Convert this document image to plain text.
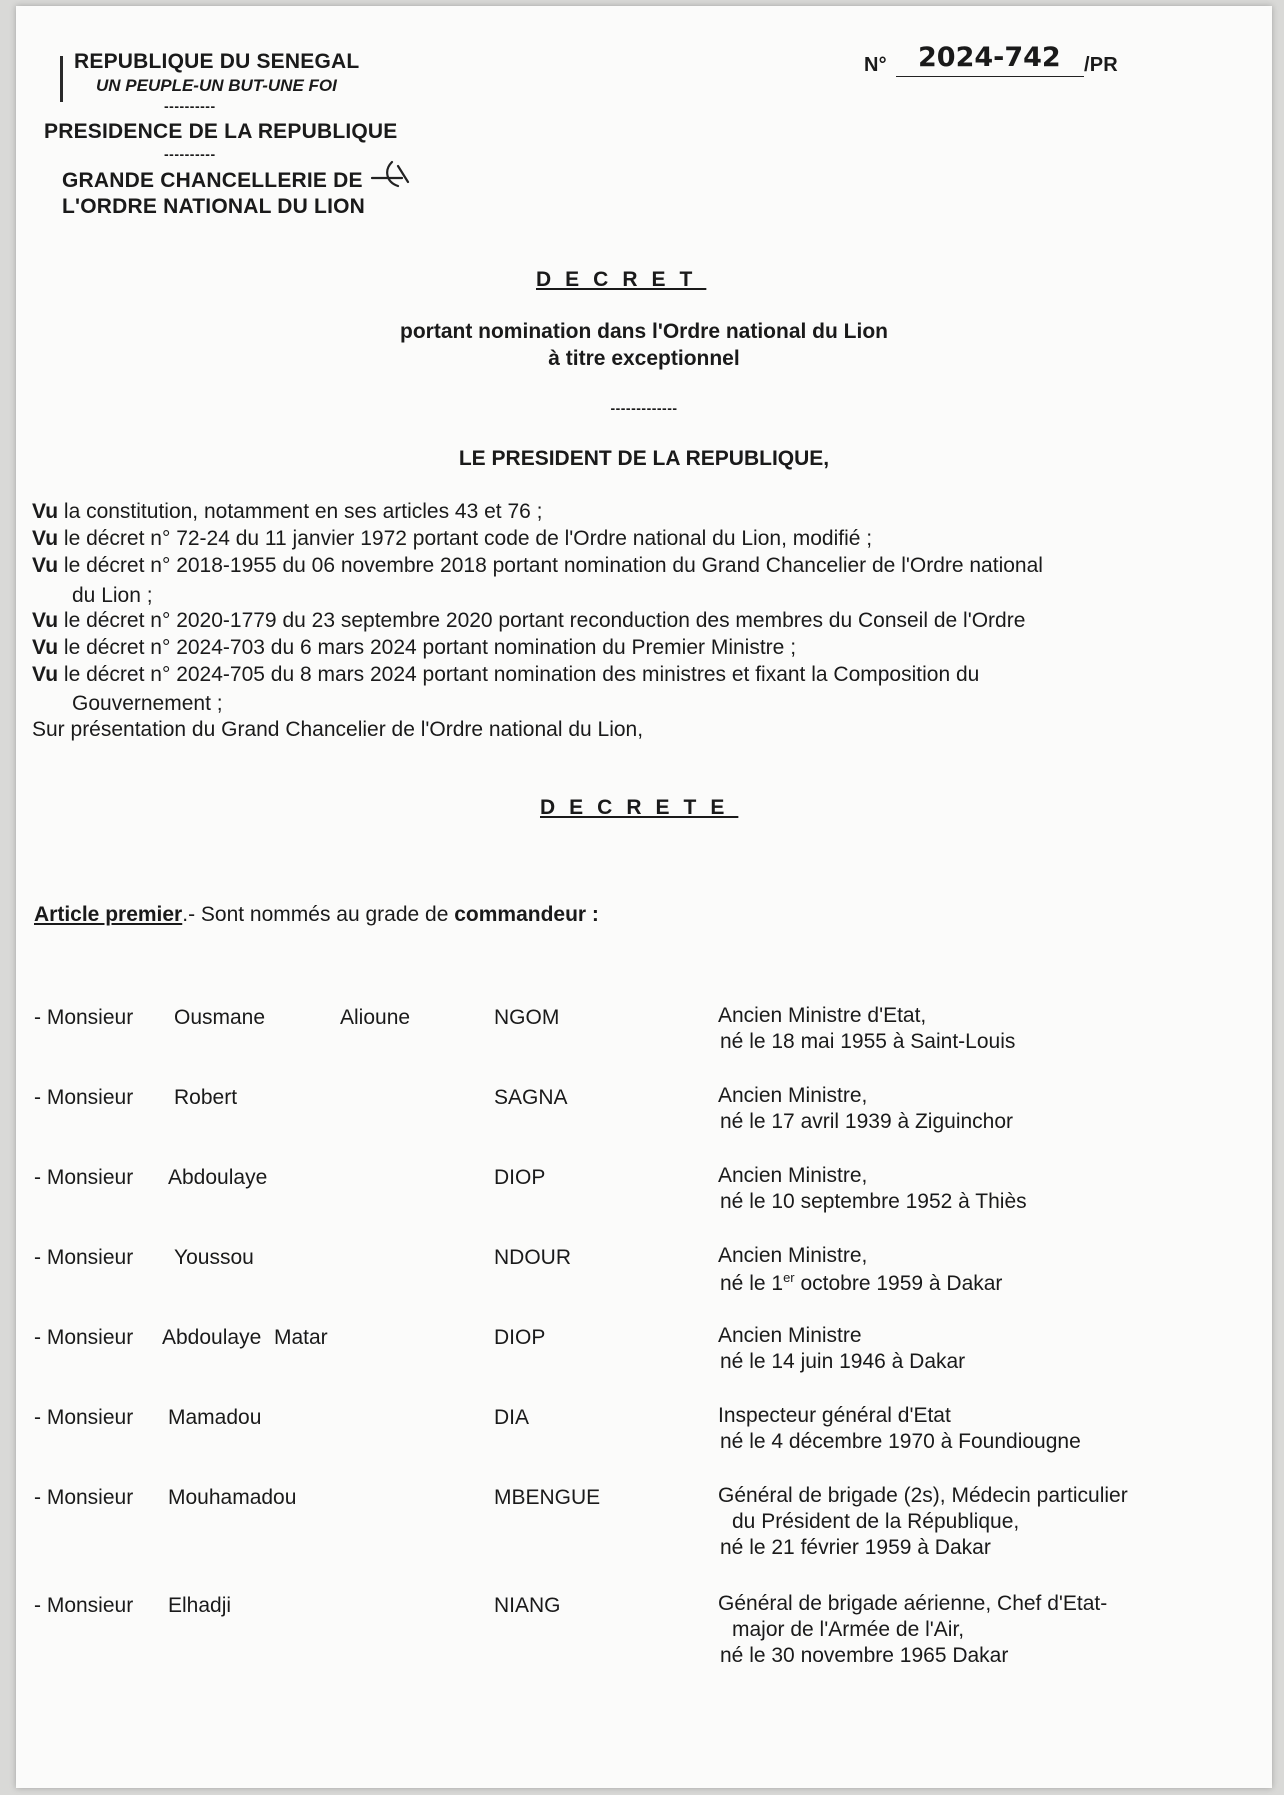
REPUBLIQUE DU SENEGAL
UN PEUPLE-UN BUT-UNE FOI
----------
PRESIDENCE DE LA REPUBLIQUE
----------
GRANDE CHANCELLERIE DE
L'ORDRE NATIONAL DU LION
N° 2024-742 /PR
DECRET
portant nomination dans l'Ordre national du Lion
à titre exceptionnel
-------------
LE PRESIDENT DE LA REPUBLIQUE,
Vu la constitution, notamment en ses articles 43 et 76 ;
Vu le décret n° 72-24 du 11 janvier 1972 portant code de l'Ordre national du Lion, modifié ;
Vu le décret n° 2018-1955 du 06 novembre 2018 portant nomination du Grand Chancelier de l'Ordre national
du Lion ;
Vu le décret n° 2020-1779 du 23 septembre 2020 portant reconduction des membres du Conseil de l'Ordre
Vu le décret n° 2024-703 du 6 mars 2024 portant nomination du Premier Ministre ;
Vu le décret n° 2024-705 du 8 mars 2024 portant nomination des ministres et fixant la Composition du
Gouvernement ;
Sur présentation du Grand Chancelier de l'Ordre national du Lion,
DECRETE
Article premier.- Sont nommés au grade de commandeur :
- Monsieur Ousmane	Alioune	NGOM	Ancien Ministre d'Etat,
né le 18 mai 1955 à Saint-Louis
- Monsieur Robert	SAGNA	Ancien Ministre,
né le 17 avril 1939 à Ziguinchor
- Monsieur Abdoulaye	DIOP	Ancien Ministre,
né le 10 septembre 1952 à Thiès
- Monsieur Youssou	NDOUR	Ancien Ministre,
né le 1er octobre 1959 à Dakar
- Monsieur Abdoulaye Matar	DIOP	Ancien Ministre
né le 14 juin 1946 à Dakar
- Monsieur Mamadou	DIA	Inspecteur général d'Etat
né le 4 décembre 1970 à Foundiougne
- Monsieur Mouhamadou	MBENGUE	Général de brigade (2s), Médecin particulier
du Président de la République,
né le 21 février 1959 à Dakar
- Monsieur Elhadji	NIANG	Général de brigade aérienne, Chef d'Etat-
major de l'Armée de l'Air,
né le 30 novembre 1965 Dakar
